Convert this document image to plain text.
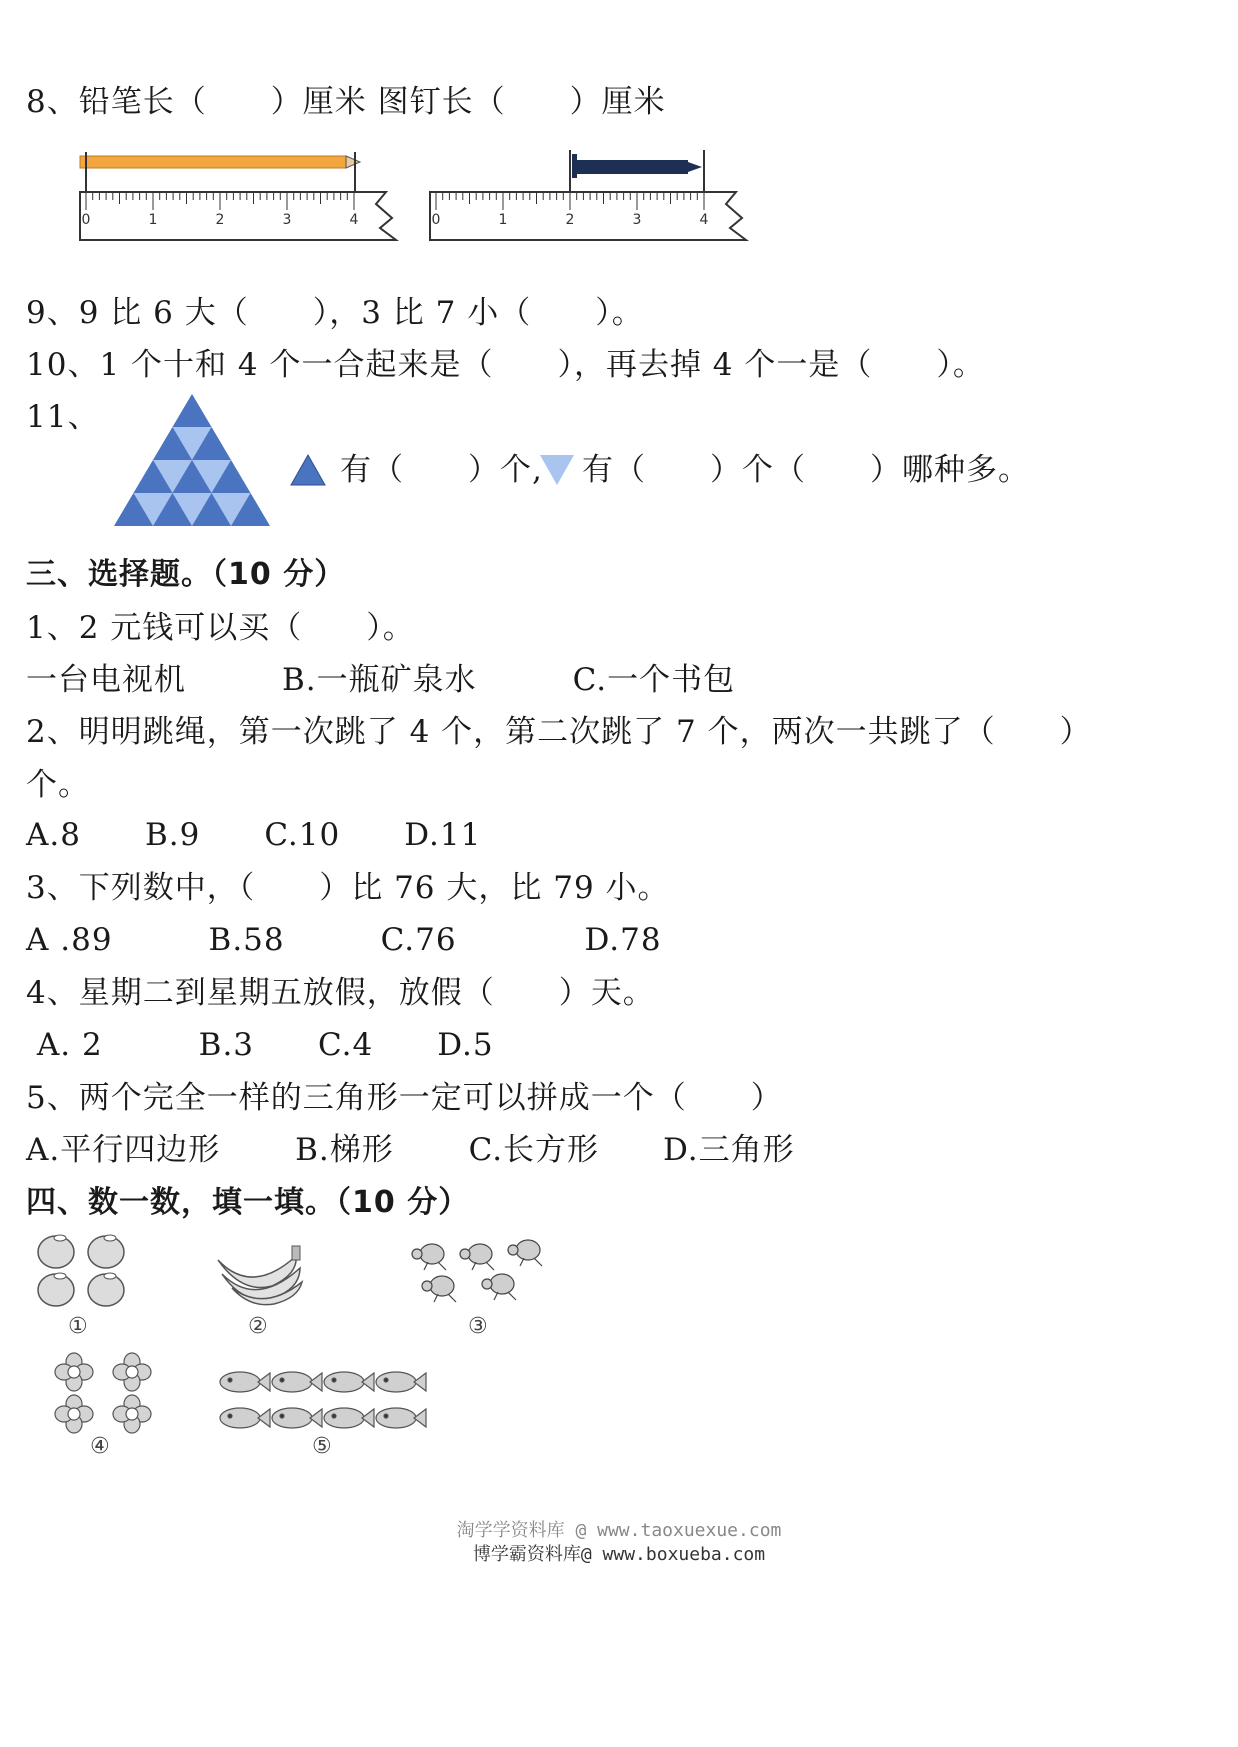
8、铅笔长（　　）厘米 图钉长（　　）厘米
0	1	2	3	4	0	1	2	3	4
9、9 比 6 大（　　），3 比 7 小（　　）。
10、1 个十和 4 个一合起来是（　　），再去掉 4 个一是（　　）。
11、
有（　　）个, 有（　　）个（　　）哪种多。
三、选择题。（10 分）
1、2 元钱可以买（　　）。
一台电视机　　　B.一瓶矿泉水　　　C.一个书包
2、明明跳绳，第一次跳了 4 个，第二次跳了 7 个，两次一共跳了（　　）
个。
A.8　　B.9　　C.10　　D.11
3、下列数中，（　　）比 76 大，比 79 小。
A .89　　　B.58　　　C.76　　　　D.78
4、星期二到星期五放假，放假（　　）天。
A. 2　　　B.3　　C.4　　D.5
5、两个完全一样的三角形一定可以拼成一个（　　）
A.平行四边形　　 B.梯形　　 C.长方形　　D.三角形
四、数一数，填一填。（10 分）
①	②	③
④	⑤
淘学学资料库 @ www.taoxuexue.com
博学霸资料库@ www.boxueba.com
